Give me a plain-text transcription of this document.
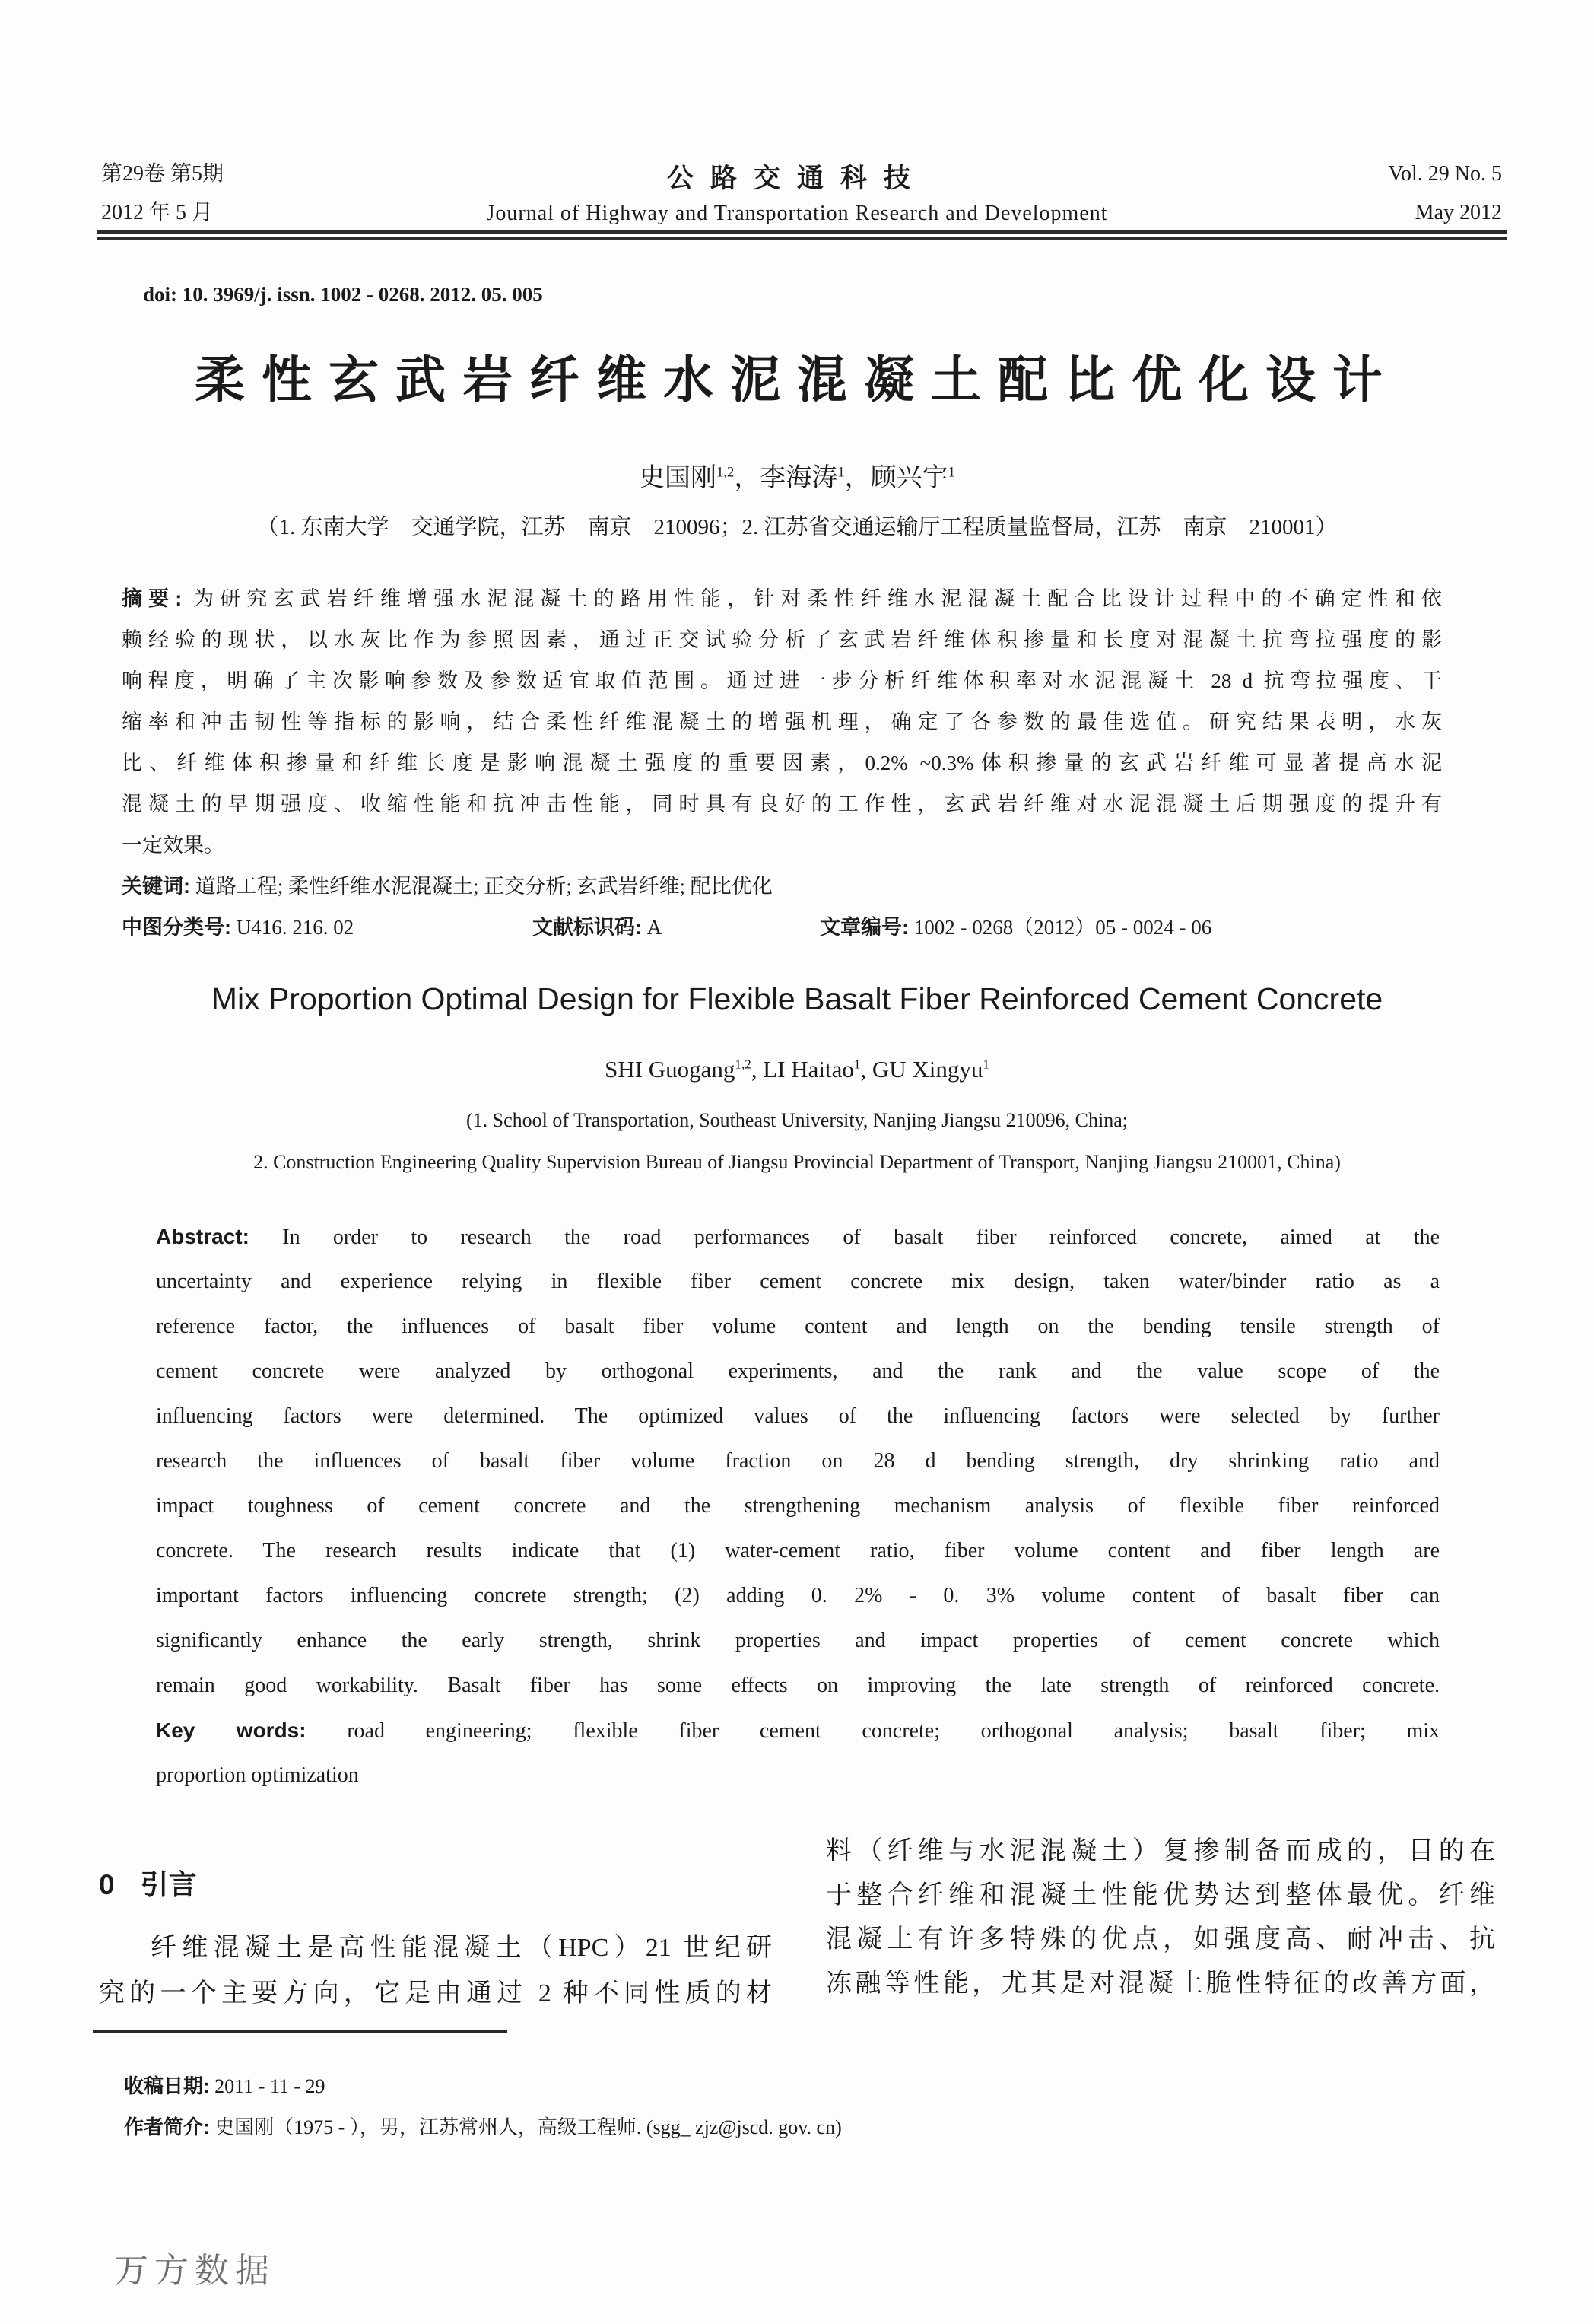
第29卷 第5期
2012 年 5 月
公路交通科技
Journal of Highway and Transportation Research and Development
Vol. 29 No. 5
May 2012
doi: 10. 3969/j. issn. 1002 - 0268. 2012. 05. 005
柔性玄武岩纤维水泥混凝土配比优化设计
史国刚$^{1,2}$，李海涛$^1$，顾兴宇$^1$
（1. 东南大学　交通学院，江苏　南京　210096；2. 江苏省交通运输厅工程质量监督局，江苏　南京　210001）
摘要: 为研究玄武岩纤维增强水泥混凝土的路用性能，针对柔性纤维水泥混凝土配合比设计过程中的不确定性和依
赖经验的现状，以水灰比作为参照因素，通过正交试验分析了玄武岩纤维体积掺量和长度对混凝土抗弯拉强度的影
响程度，明确了主次影响参数及参数适宜取值范围。通过进一步分析纤维体积率对水泥混凝土 28 d 抗弯拉强度、干
缩率和冲击韧性等指标的影响，结合柔性纤维混凝土的增强机理，确定了各参数的最佳选值。研究结果表明，水灰
比、纤维体积掺量和纤维长度是影响混凝土强度的重要因素，0.2% ~0.3%体积掺量的玄武岩纤维可显著提高水泥
混凝土的早期强度、收缩性能和抗冲击性能，同时具有良好的工作性，玄武岩纤维对水泥混凝土后期强度的提升有
一定效果。
关键词: 道路工程; 柔性纤维水泥混凝土; 正交分析; 玄武岩纤维; 配比优化
中图分类号: U416. 216. 02	文献标识码: A	文章编号: 1002 - 0268（2012）05 - 0024 - 06
Mix Proportion Optimal Design for Flexible Basalt Fiber Reinforced Cement Concrete
SHI Guogang$^{1,2}$, LI Haitao$^1$, GU Xingyu$^1$
(1. School of Transportation, Southeast University, Nanjing Jiangsu 210096, China;
2. Construction Engineering Quality Supervision Bureau of Jiangsu Provincial Department of Transport, Nanjing Jiangsu 210001, China)
Abstract: In order to research the road performances of basalt fiber reinforced concrete, aimed at the
uncertainty and experience relying in flexible fiber cement concrete mix design, taken water/binder ratio as a
reference factor, the influences of basalt fiber volume content and length on the bending tensile strength of
cement concrete were analyzed by orthogonal experiments, and the rank and the value scope of the
influencing factors were determined. The optimized values of the influencing factors were selected by further
research the influences of basalt fiber volume fraction on 28 d bending strength, dry shrinking ratio and
impact toughness of cement concrete and the strengthening mechanism analysis of flexible fiber reinforced
concrete. The research results indicate that (1) water-cement ratio, fiber volume content and fiber length are
important factors influencing concrete strength; (2) adding 0. 2% - 0. 3% volume content of basalt fiber can
significantly enhance the early strength, shrink properties and impact properties of cement concrete which
remain good workability. Basalt fiber has some effects on improving the late strength of reinforced concrete.
Key words: road engineering; flexible fiber cement concrete; orthogonal analysis; basalt fiber; mix
proportion optimization
0 引言
纤维混凝土是高性能混凝土（HPC）21 世纪研
究的一个主要方向，它是由通过 2 种不同性质的材
料（纤维与水泥混凝土）复掺制备而成的，目的在
于整合纤维和混凝土性能优势达到整体最优。纤维
混凝土有许多特殊的优点，如强度高、耐冲击、抗
冻融等性能，尤其是对混凝土脆性特征的改善方面，
收稿日期: 2011 - 11 - 29
作者简介: 史国刚（1975 - ），男，江苏常州人，高级工程师. (sgg_ zjz@jscd. gov. cn)
万方数据
